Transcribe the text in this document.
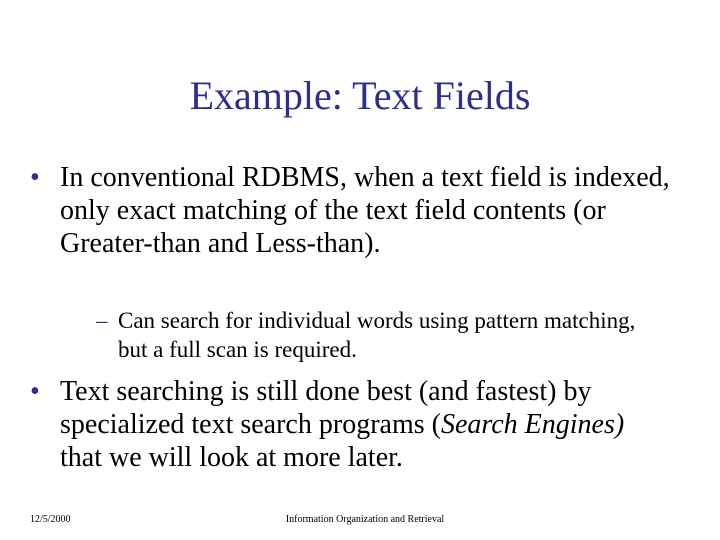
Example: Text Fields
• In conventional RDBMS, when a text field is indexed, only exact matching of the text field contents (or Greater-than and Less-than).
– Can search for individual words using pattern matching, but a full scan is required.
• Text searching is still done best (and fastest) by specialized text search programs (Search Engines) that we will look at more later.
12/5/2000	Information Organization and Retrieval
